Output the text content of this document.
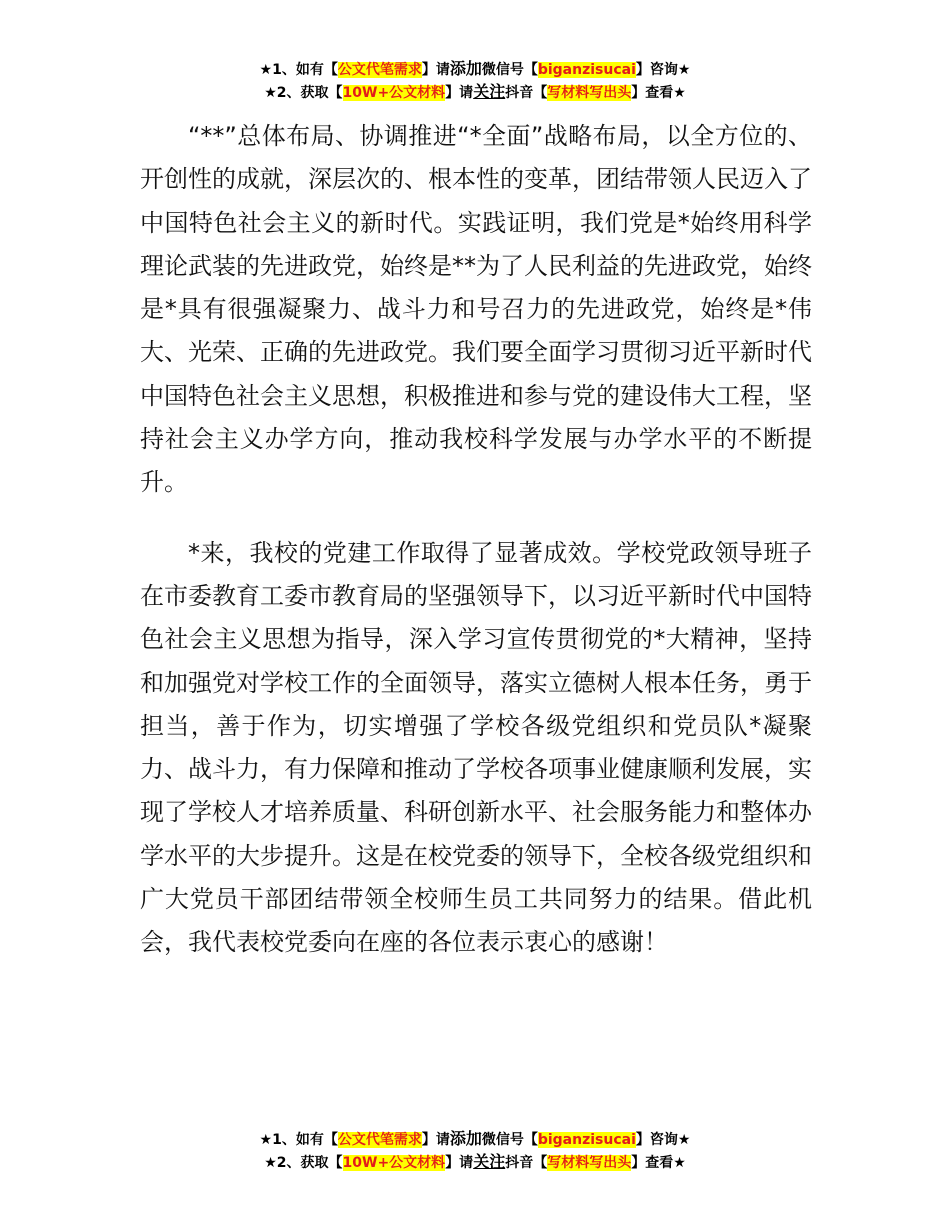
★1、如有【公文代笔需求】请添加微信号【biganzisucai】咨询★
★2、获取【10W+公文材料】请关注抖音【写材料写出头】查看★

“**”总体布局、协调推进“*全面”战略布局，以全方位的、开创性的成就，深层次的、根本性的变革，团结带领人民迈入了中国特色社会主义的新时代。实践证明，我们党是*始终用科学理论武装的先进政党，始终是**为了人民利益的先进政党，始终是*具有很强凝聚力、战斗力和号召力的先进政党，始终是*伟大、光荣、正确的先进政党。我们要全面学习贯彻习近平新时代中国特色社会主义思想，积极推进和参与党的建设伟大工程，坚持社会主义办学方向，推动我校科学发展与办学水平的不断提升。

*来，我校的党建工作取得了显著成效。学校党政领导班子在市委教育工委市教育局的坚强领导下，以习近平新时代中国特色社会主义思想为指导，深入学习宣传贯彻党的*大精神，坚持和加强党对学校工作的全面领导，落实立德树人根本任务，勇于担当，善于作为，切实增强了学校各级党组织和党员队*凝聚力、战斗力，有力保障和推动了学校各项事业健康顺利发展，实现了学校人才培养质量、科研创新水平、社会服务能力和整体办学水平的大步提升。这是在校党委的领导下，全校各级党组织和广大党员干部团结带领全校师生员工共同努力的结果。借此机会，我代表校党委向在座的各位表示衷心的感谢！

★1、如有【公文代笔需求】请添加微信号【biganzisucai】咨询★
★2、获取【10W+公文材料】请关注抖音【写材料写出头】查看★
